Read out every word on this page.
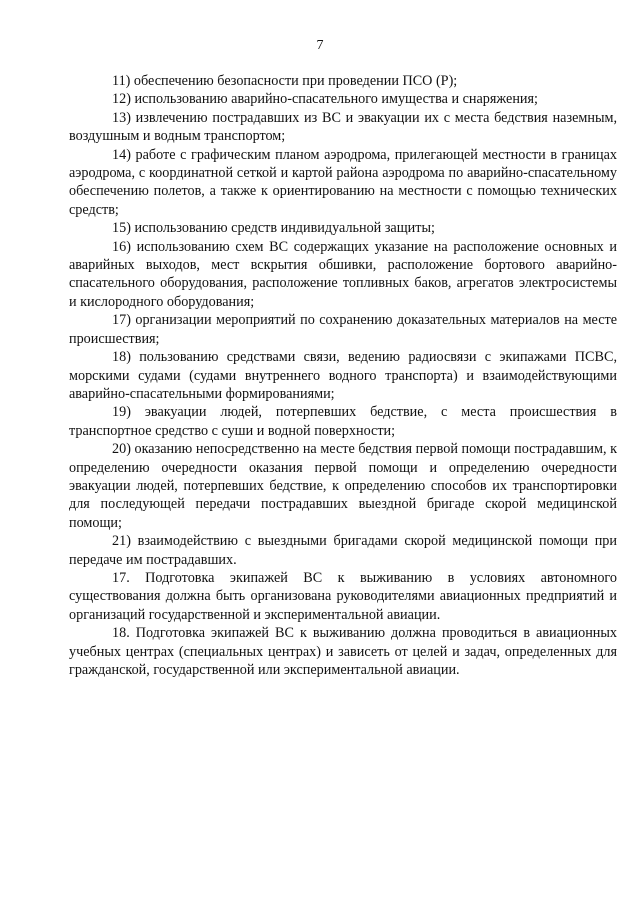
7

11) обеспечению безопасности при проведении ПСО (Р);

12) использованию аварийно-спасательного имущества и снаряжения;

13) извлечению пострадавших из ВС и эвакуации их с места бедствия наземным, воздушным и водным транспортом;

14) работе с графическим планом аэродрома, прилегающей местности в границах аэродрома, с координатной сеткой и картой района аэродрома по аварийно-спасательному обеспечению полетов, а также к ориентированию на местности с помощью технических средств;

15) использованию средств индивидуальной защиты;

16) использованию схем ВС содержащих указание на расположение основных и аварийных выходов, мест вскрытия обшивки, расположение бортового аварийно-спасательного оборудования, расположение топливных баков, агрегатов электросистемы и кислородного оборудования;

17) организации мероприятий по сохранению доказательных материалов на месте происшествия;

18) пользованию средствами связи, ведению радиосвязи с экипажами ПСВС, морскими судами (судами внутреннего водного транспорта) и взаимодействующими аварийно-спасательными формированиями;

19) эвакуации людей, потерпевших бедствие, с места происшествия в транспортное средство с суши и водной поверхности;

20) оказанию непосредственно на месте бедствия первой помощи пострадавшим, к определению очередности оказания первой помощи и определению очередности эвакуации людей, потерпевших бедствие, к определению способов их транспортировки для последующей передачи пострадавших выездной бригаде скорой медицинской помощи;

21) взаимодействию с выездными бригадами скорой медицинской помощи при передаче им пострадавших.

17. Подготовка экипажей ВС к выживанию в условиях автономного существования должна быть организована руководителями авиационных предприятий и организаций государственной и экспериментальной авиации.

18. Подготовка экипажей ВС к выживанию должна проводиться в авиационных учебных центрах (специальных центрах) и зависеть от целей и задач, определенных для гражданской, государственной или экспериментальной авиации.
